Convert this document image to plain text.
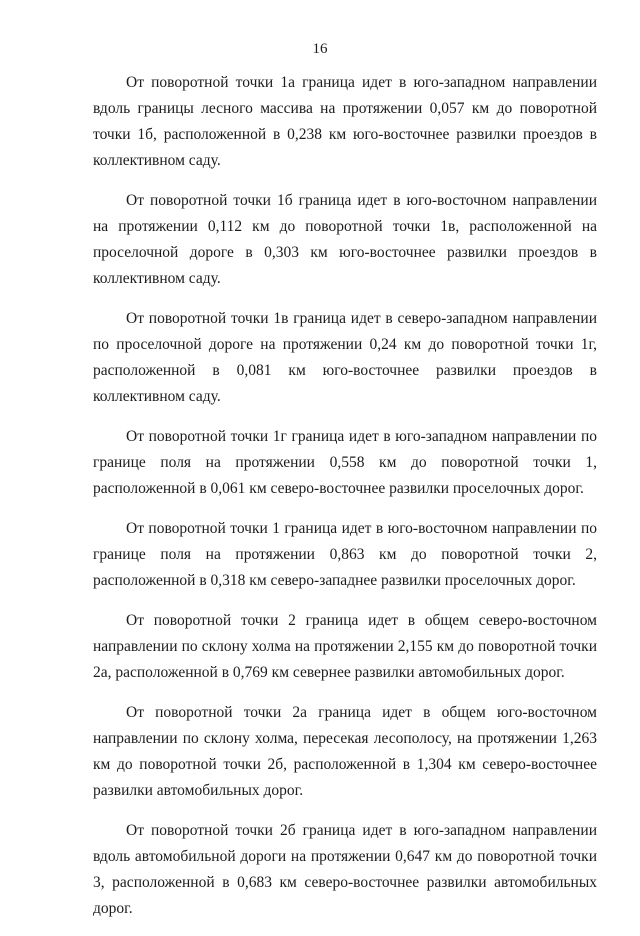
16

От поворотной точки 1а граница идет в юго-западном направлении вдоль границы лесного массива на протяжении 0,057 км до поворотной точки 1б, расположенной в 0,238 км юго-восточнее развилки проездов в коллективном саду.

От поворотной точки 1б граница идет в юго-восточном направлении на протяжении 0,112 км до поворотной точки 1в, расположенной на проселочной дороге в 0,303 км юго-восточнее развилки проездов в коллективном саду.

От поворотной точки 1в граница идет в северо-западном направлении по проселочной дороге на протяжении 0,24 км до поворотной точки 1г, расположенной в 0,081 км юго-восточнее развилки проездов в коллективном саду.

От поворотной точки 1г граница идет в юго-западном направлении по границе поля на протяжении 0,558 км до поворотной точки 1, расположенной в 0,061 км северо-восточнее развилки проселочных дорог.

От поворотной точки 1 граница идет в юго-восточном направлении по границе поля на протяжении 0,863 км до поворотной точки 2, расположенной в 0,318 км северо-западнее развилки проселочных дорог.

От поворотной точки 2 граница идет в общем северо-восточном направлении по склону холма на протяжении 2,155 км до поворотной точки 2а, расположенной в 0,769 км севернее развилки автомобильных дорог.

От поворотной точки 2а граница идет в общем юго-восточном направлении по склону холма, пересекая лесополосу, на протяжении 1,263 км до поворотной точки 2б, расположенной в 1,304 км северо-восточнее развилки автомобильных дорог.

От поворотной точки 2б граница идет в юго-западном направлении вдоль автомобильной дороги на протяжении 0,647 км до поворотной точки 3, расположенной в 0,683 км северо-восточнее развилки автомобильных дорог.
